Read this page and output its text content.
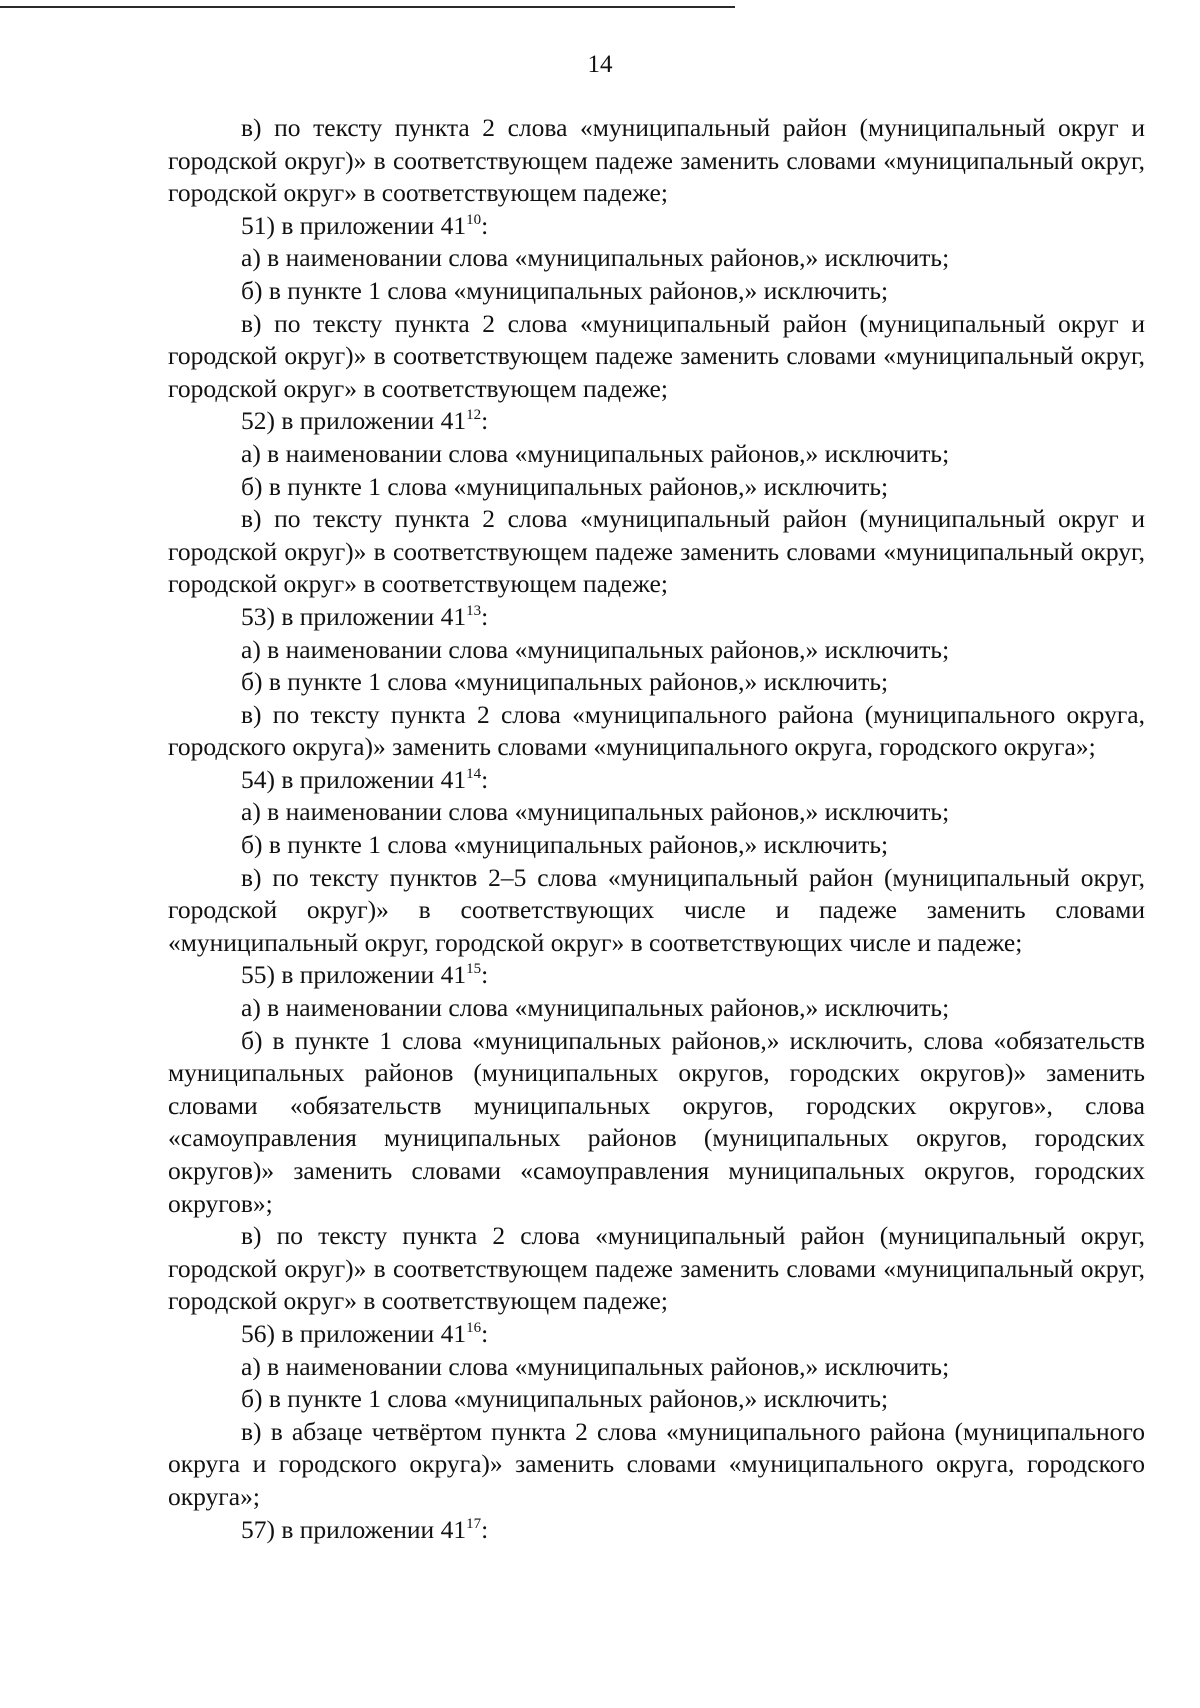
14

в) по тексту пункта 2 слова «муниципальный район (муниципальный округ и городской округ)» в соответствующем падеже заменить словами «муниципальный округ, городской округ» в соответствующем падеже;

51) в приложении $41^{10}$:

а) в наименовании слова «муниципальных районов,» исключить;

б) в пункте 1 слова «муниципальных районов,» исключить;

в) по тексту пункта 2 слова «муниципальный район (муниципальный округ и городской округ)» в соответствующем падеже заменить словами «муниципальный округ, городской округ» в соответствующем падеже;

52) в приложении $41^{12}$:

а) в наименовании слова «муниципальных районов,» исключить;

б) в пункте 1 слова «муниципальных районов,» исключить;

в) по тексту пункта 2 слова «муниципальный район (муниципальный округ и городской округ)» в соответствующем падеже заменить словами «муниципальный округ, городской округ» в соответствующем падеже;

53) в приложении $41^{13}$:

а) в наименовании слова «муниципальных районов,» исключить;

б) в пункте 1 слова «муниципальных районов,» исключить;

в) по тексту пункта 2 слова «муниципального района (муниципального округа, городского округа)» заменить словами «муниципального округа, городского округа»;

54) в приложении $41^{14}$:

а) в наименовании слова «муниципальных районов,» исключить;

б) в пункте 1 слова «муниципальных районов,» исключить;

в) по тексту пунктов 2–5 слова «муниципальный район (муниципальный округ, городской округ)» в соответствующих числе и падеже заменить словами «муниципальный округ, городской округ» в соответствующих числе и падеже;

55) в приложении $41^{15}$:

а) в наименовании слова «муниципальных районов,» исключить;

б) в пункте 1 слова «муниципальных районов,» исключить, слова «обязательств муниципальных районов (муниципальных округов, городских округов)» заменить словами «обязательств муниципальных округов, городских округов», слова «самоуправления муниципальных районов (муниципальных округов, городских округов)» заменить словами «самоуправления муниципальных округов, городских округов»;

в) по тексту пункта 2 слова «муниципальный район (муниципальный округ, городской округ)» в соответствующем падеже заменить словами «муниципальный округ, городской округ» в соответствующем падеже;

56) в приложении $41^{16}$:

а) в наименовании слова «муниципальных районов,» исключить;

б) в пункте 1 слова «муниципальных районов,» исключить;

в) в абзаце четвёртом пункта 2 слова «муниципального района (муниципального округа и городского округа)» заменить словами «муниципального округа, городского округа»;

57) в приложении $41^{17}$:
